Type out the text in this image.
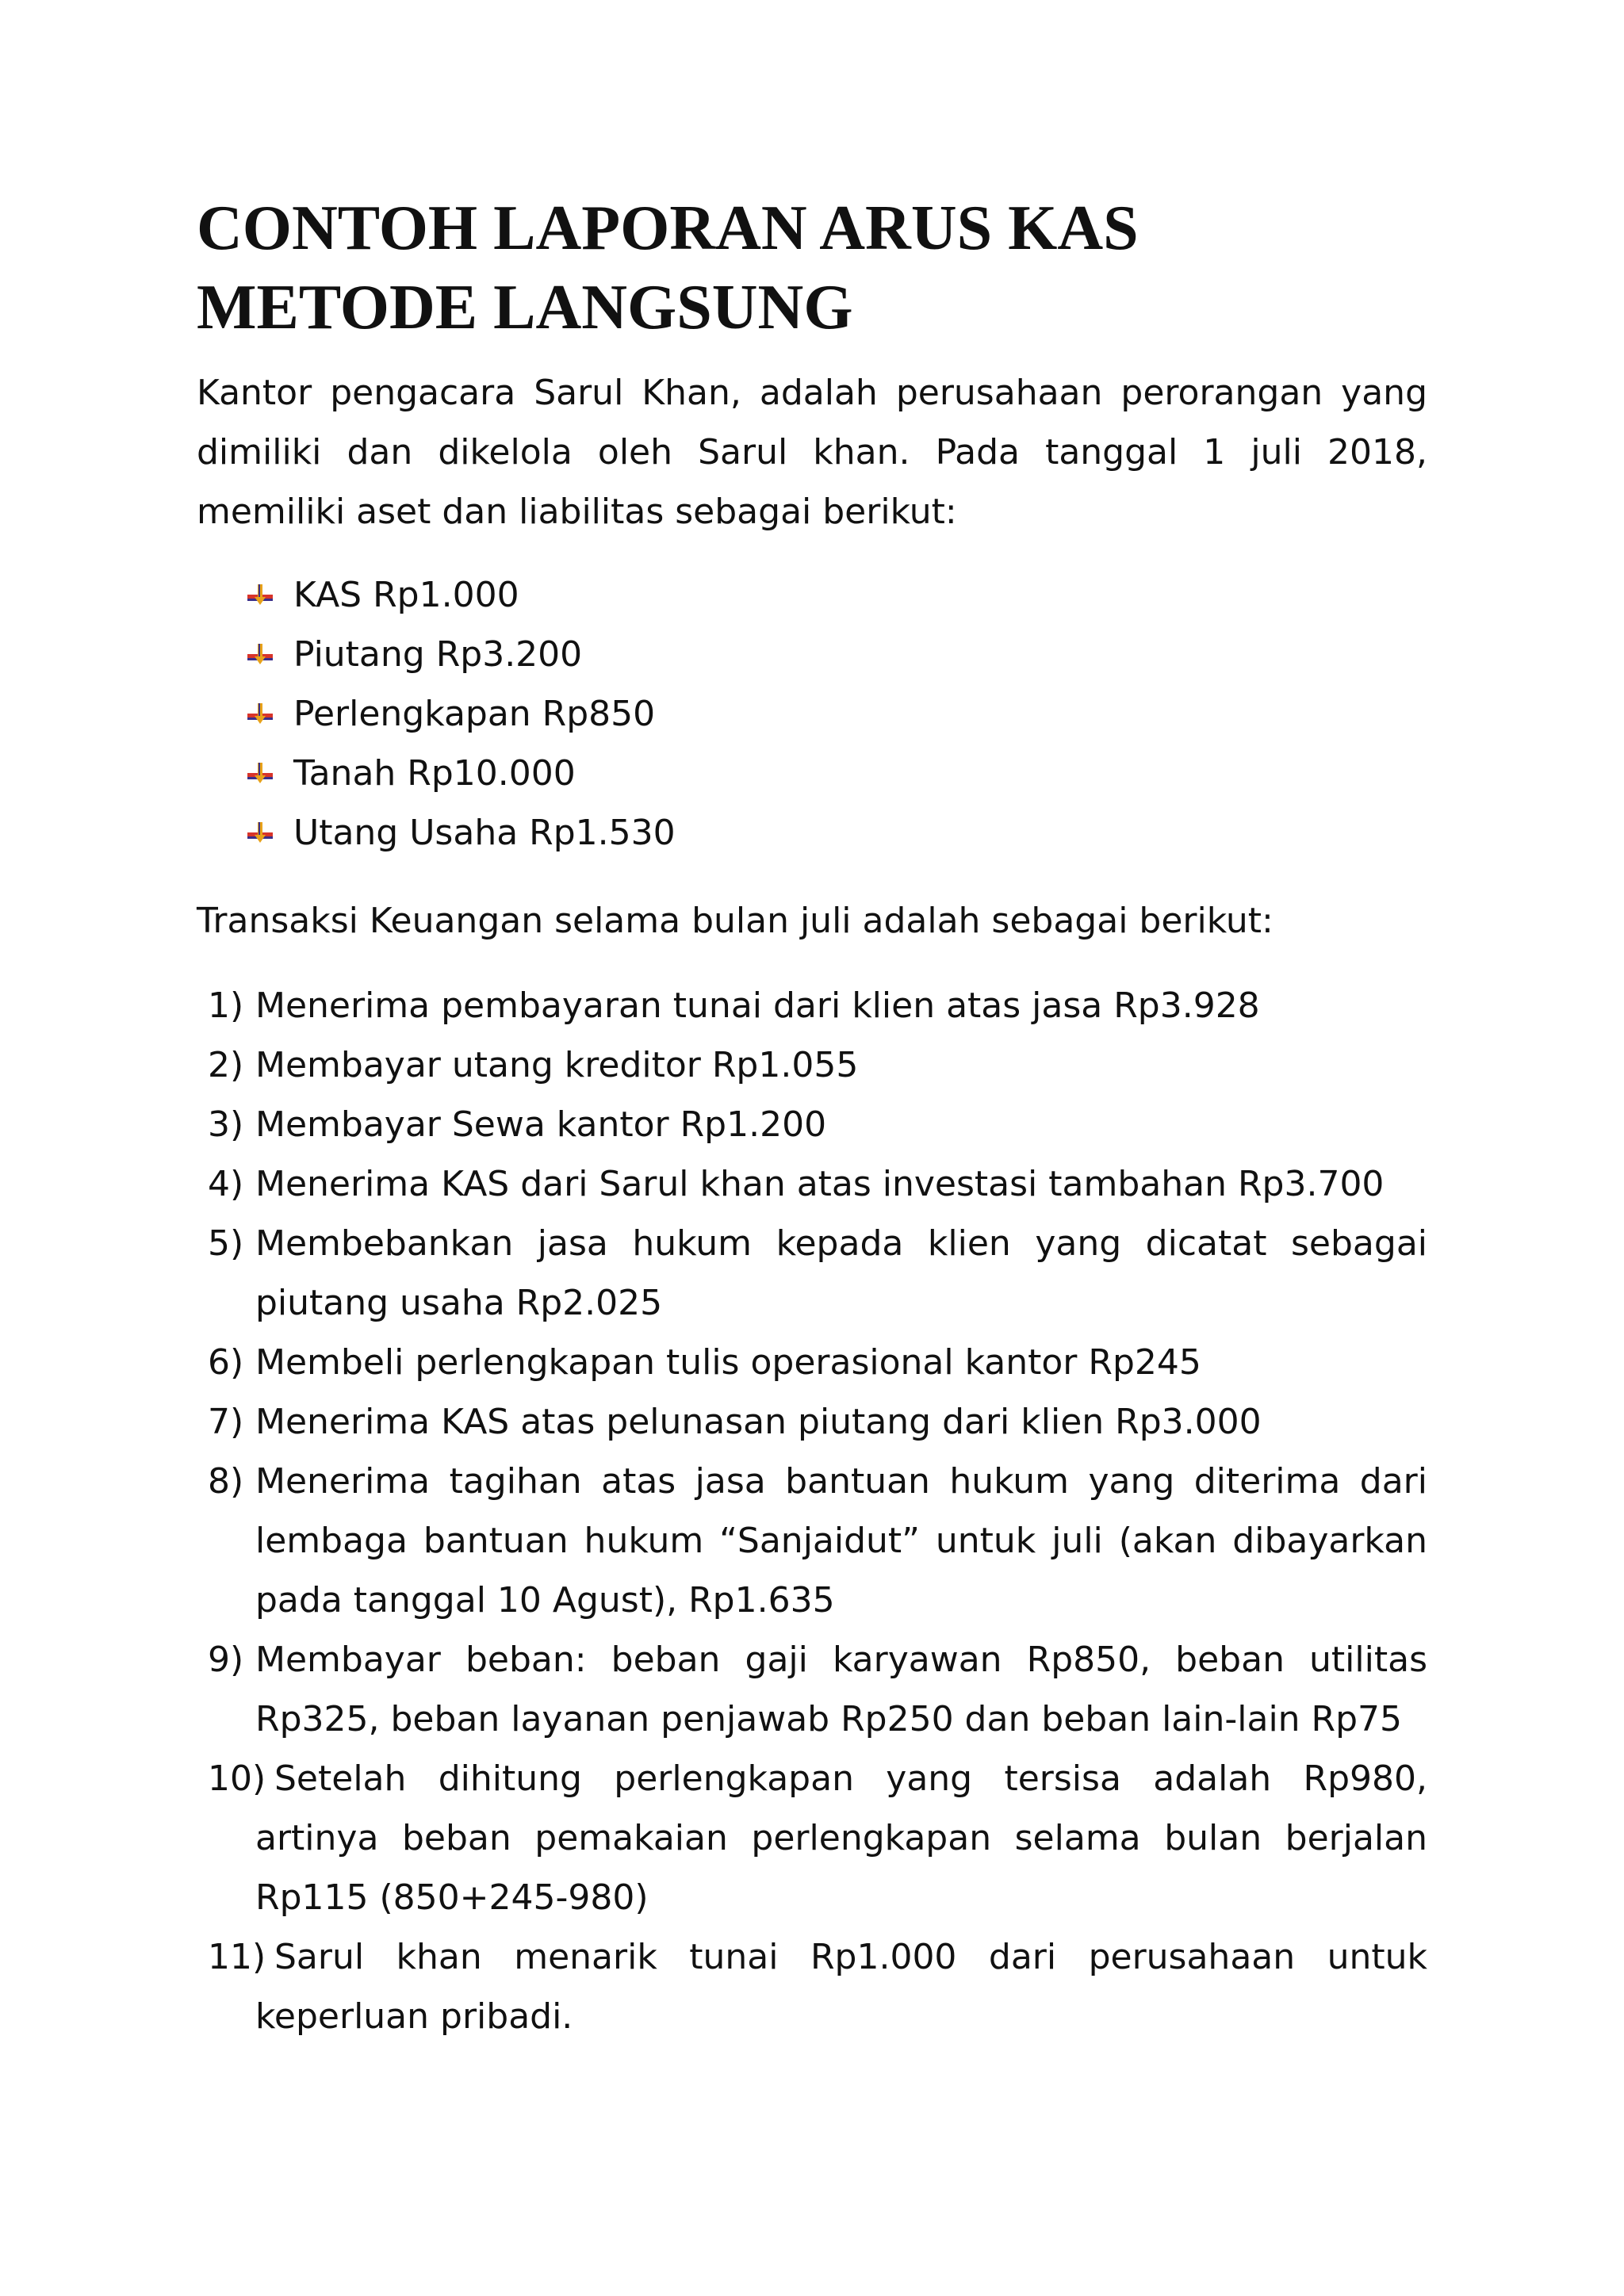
CONTOH LAPORAN ARUS KAS
METODE LANGSUNG

Kantor pengacara Sarul Khan, adalah perusahaan perorangan yang dimiliki dan dikelola oleh Sarul khan. Pada tanggal 1 juli 2018, memiliki aset dan liabilitas sebagai berikut:

KAS Rp1.000
Piutang Rp3.200
Perlengkapan Rp850
Tanah Rp10.000
Utang Usaha Rp1.530

Transaksi Keuangan selama bulan juli adalah sebagai berikut:

1) Menerima pembayaran tunai dari klien atas jasa Rp3.928
2) Membayar utang kreditor Rp1.055
3) Membayar Sewa kantor Rp1.200
4) Menerima KAS dari Sarul khan atas investasi tambahan Rp3.700
5) Membebankan jasa hukum kepada klien yang dicatat sebagai piutang usaha Rp2.025
6) Membeli perlengkapan tulis operasional kantor Rp245
7) Menerima KAS atas pelunasan piutang dari klien Rp3.000
8) Menerima tagihan atas jasa bantuan hukum yang diterima dari lembaga bantuan hukum “Sanjaidut” untuk juli (akan dibayarkan pada tanggal 10 Agust), Rp1.635
9) Membayar beban: beban gaji karyawan Rp850, beban utilitas Rp325, beban layanan penjawab Rp250 dan beban lain-lain Rp75
10) Setelah dihitung perlengkapan yang tersisa adalah Rp980, artinya beban pemakaian perlengkapan selama bulan berjalan Rp115 (850+245-980)
11) Sarul khan menarik tunai Rp1.000 dari perusahaan untuk keperluan pribadi.
